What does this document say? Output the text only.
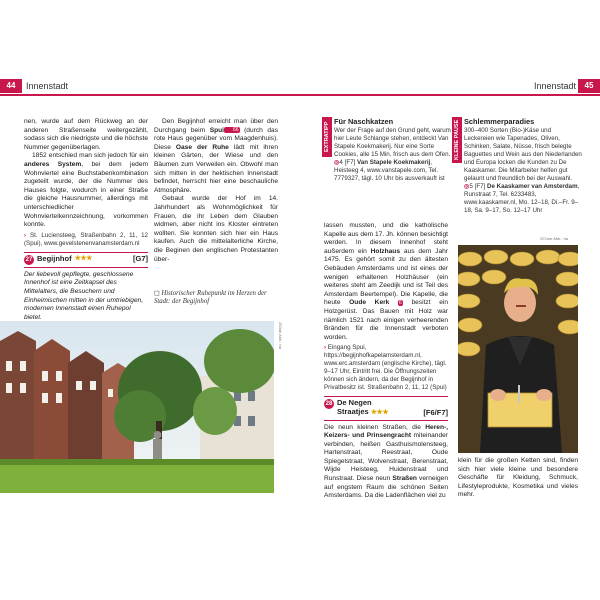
44	Innenstadt

nen, wurde auf dem Rückweg an der anderen Straßenseite weitergezählt, sodass sich die niedrigste und die höchste Nummer gegenüberlagen.

1852 entschied man sich jedoch für ein anderes System, bei dem jedem Wohnviertel eine Buchstabenkombination zugeteilt wurde, der die Nummer des Hauses folgte, wodurch in einer Straße die gleiche Hausnummer, allerdings mit unterschiedlicher Wohnviertelkennzeichnung, vorkommen konnte.

› St. Luciensteeg, Straßenbahn 2, 11, 12 (Spui), www.gevelstenenvanamsterdam.nl

27 Begijnhof ★★★	[G7]

Der liebevoll gepflegte, geschlossene Innenhof ist eine Zeitkapsel des Mittelalters, die Besuchern und Einheimischen mitten in der umtriebigen, modernen Innenstadt einen Ruhepol bietet.

Den Begijnhof erreicht man über den Durchgang beim Spui 66 (durch das rote Haus gegenüber vom Maagdenhuis). Diese Oase der Ruhe lädt mit ihren kleinen Gärten, der Wiese und den Bäumen zum Verweilen ein. Obwohl man sich mitten in der hektischen Innenstadt befindet, herrscht hier eine beschauliche Atmosphäre.

Gebaut wurde der Hof im 14. Jahrhundert als Wohnmöglichkeit für Frauen, die ihr Leben dem Glauben widmen, aber nicht ins Kloster eintreten wollten. Sie konnten sich hier ein Haus kaufen. Auch die mittelalterliche Kirche, die Beginen den englischen Protestanten über-

◻ Historischer Ruhepunkt im Herzen der Stadt: der Begijnhof
253ab Abb.: ha
Innenstadt	45
EXTRATIPP
Für Naschkatzen

Wer der Frage auf den Grund geht, warum hier Leute Schlange stehen, entdeckt Van Stapele Koekmakerij. Nur eine Sorte Cookies, alle 15 Min. frisch aus dem Ofen.

◎4 [F7] Van Stapele Koekmakerij, Heisteeg 4, www.vanstapele.com, Tel. 7779327, tägl. 10 Uhr bis ausverkauft ist

KLEINE PAUSE Schlemmerparadies

300–400 Sorten (Bio-)Käse und Leckereien wie Tapenades, Oliven, Schinken, Salate, Nüsse, frisch belegte Baguettes und Wein aus den Niederlanden und Europa locken die Kunden zu De Kaaskamer. Die Mitarbeiter helfen gut gelaunt und freundlich bei der Auswahl.

◎5 [F7] De Kaaskamer van Amsterdam, Runstraat 7, Tel. 6233483, www.kaaskamer.nl, Mo. 12–18, Di.–Fr. 9–18, Sa. 9–17, So. 12–17 Uhr

lassen mussten, und die katholische Kapelle aus dem 17. Jh. können besichtigt werden. In diesem Innenhof steht außerdem ein Holzhaus aus dem Jahr 1475. Es gehört somit zu den ältesten Gebäuden Amsterdams und ist eines der wenigen erhaltenen Holzhäuser (ein weiteres steht am Zeedijk und ist Teil des Amsterdam Beertempel). Die Kapelle, die heute Oude Kerk 6 besitzt ein Holzgerüst. Das Bauen mit Holz war nämlich 1521 nach einigen verheerenden Bränden für die Innenstadt verboten worden.

› Eingang Spui, https://begijnhofkapelamsterdam.nl, www.erc.amsterdam (englische Kirche), tägl. 9–17 Uhr, Eintritt frei. Die Öffnungszeiten können sich ändern, da der Begijnhof in Privatbesitz ist. Straßenbahn 2, 11, 12 (Spui)

28 De Negen
Straatjes ★★★	[F6/F7]

Die neun kleinen Straßen, die Heren-, Keizers- und Prinsengracht miteinander verbinden, heißen Gasthuismolensteeg, Hartenstraat, Reestraat, Oude Spiegelstraat, Wolvenstraat, Berenstraat, Wijde Heisteeg, Huidenstraat und Runstraat. Diese neun Straßen verneigen auf engstem Raum die schönen Seiten Amsterdams. Da die Ladenflächen viel zu

207am Abb.: ha

klein für die großen Ketten sind, finden sich hier viele kleine und besondere Geschäfte für Kleidung, Schmuck, Lifestyleprodukte, Kosmetika und vieles mehr.
